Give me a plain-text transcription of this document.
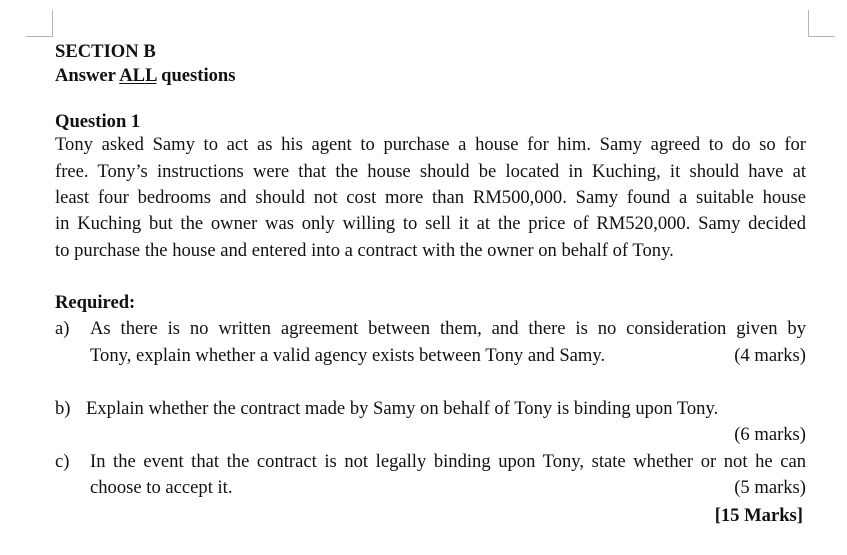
SECTION B
Answer ALL questions
Question 1
Tony asked Samy to act as his agent to purchase a house for him. Samy agreed to do so for
free. Tony’s instructions were that the house should be located in Kuching, it should have at
least four bedrooms and should not cost more than RM500,000. Samy found a suitable house
in Kuching but the owner was only willing to sell it at the price of RM520,000. Samy decided
to purchase the house and entered into a contract with the owner on behalf of Tony.
Required:
a) As there is no written agreement between them, and there is no consideration given by
Tony, explain whether a valid agency exists between Tony and Samy.	(4 marks)
b) Explain whether the contract made by Samy on behalf of Tony is binding upon Tony.
(6 marks)
c) In the event that the contract is not legally binding upon Tony, state whether or not he can
choose to accept it.	(5 marks)
[15 Marks]
